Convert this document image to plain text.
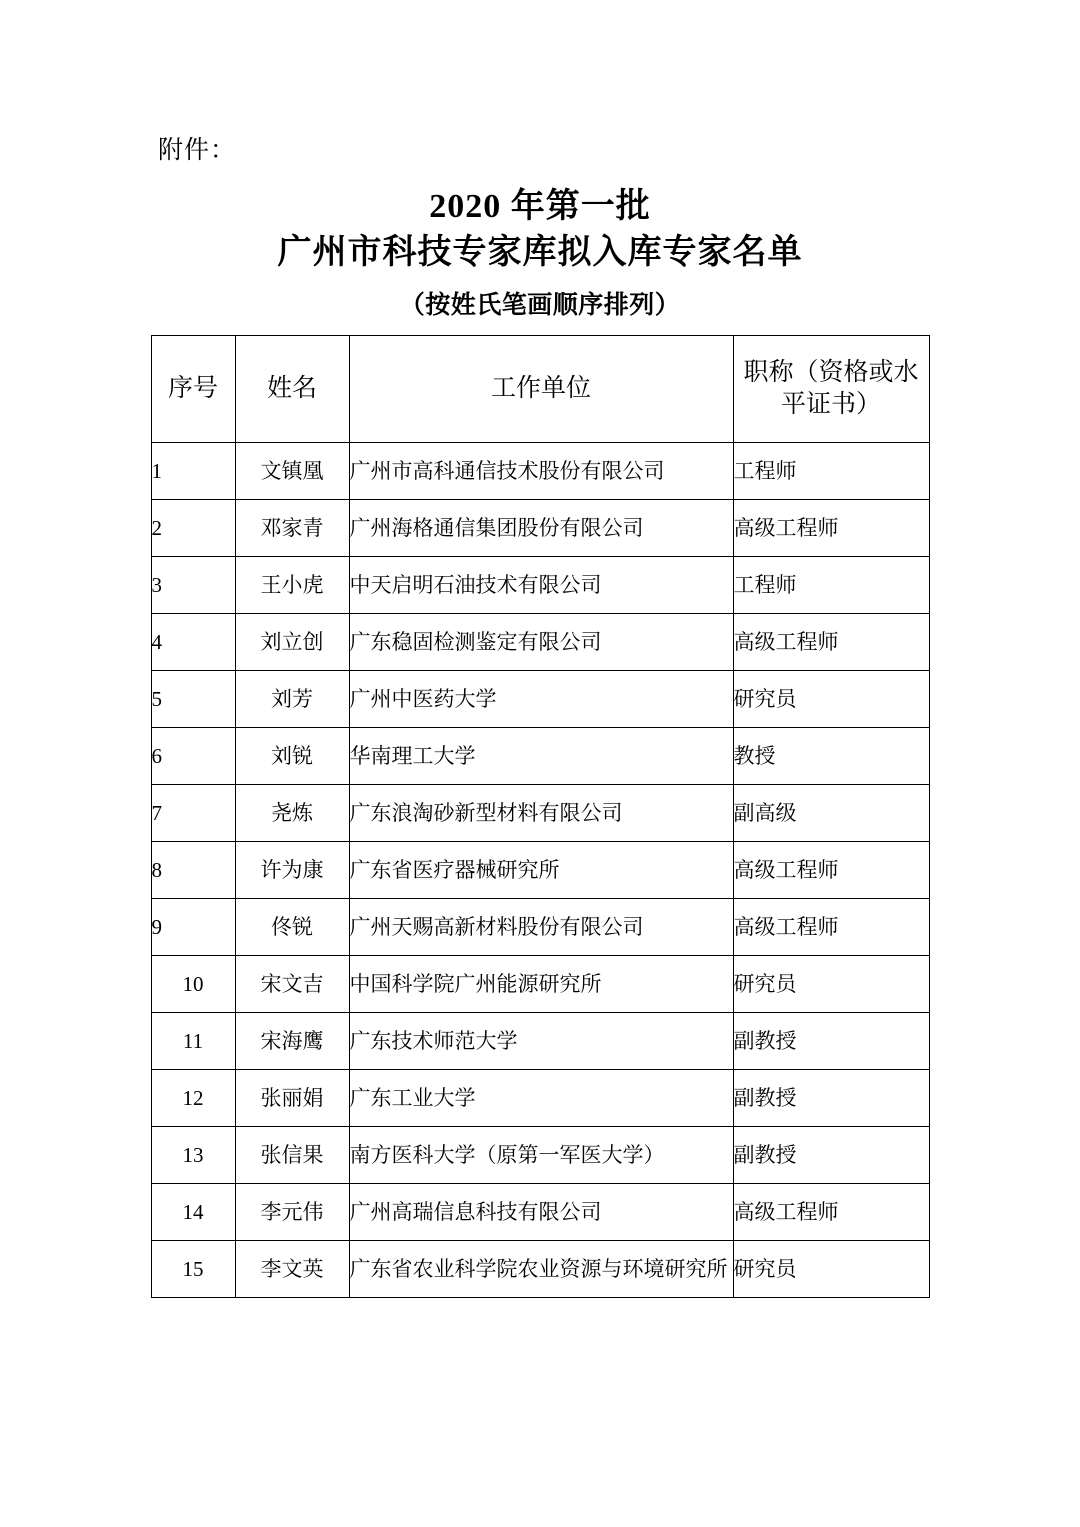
附件：
2020 年第一批
广州市科技专家库拟入库专家名单
（按姓氏笔画顺序排列）
序号	姓名	工作单位	职称（资格或水平证书）
1	文镇凰	广州市高科通信技术股份有限公司	工程师
2	邓家青	广州海格通信集团股份有限公司	高级工程师
3	王小虎	中天启明石油技术有限公司	工程师
4	刘立创	广东稳固检测鉴定有限公司	高级工程师
5	刘芳	广州中医药大学	研究员
6	刘锐	华南理工大学	教授
7	尧炼	广东浪淘砂新型材料有限公司	副高级
8	许为康	广东省医疗器械研究所	高级工程师
9	佟锐	广州天赐高新材料股份有限公司	高级工程师
10	宋文吉	中国科学院广州能源研究所	研究员
11	宋海鹰	广东技术师范大学	副教授
12	张丽娟	广东工业大学	副教授
13	张信果	南方医科大学（原第一军医大学）	副教授
14	李元伟	广州高瑞信息科技有限公司	高级工程师
15	李文英	广东省农业科学院农业资源与环境研究所	研究员
